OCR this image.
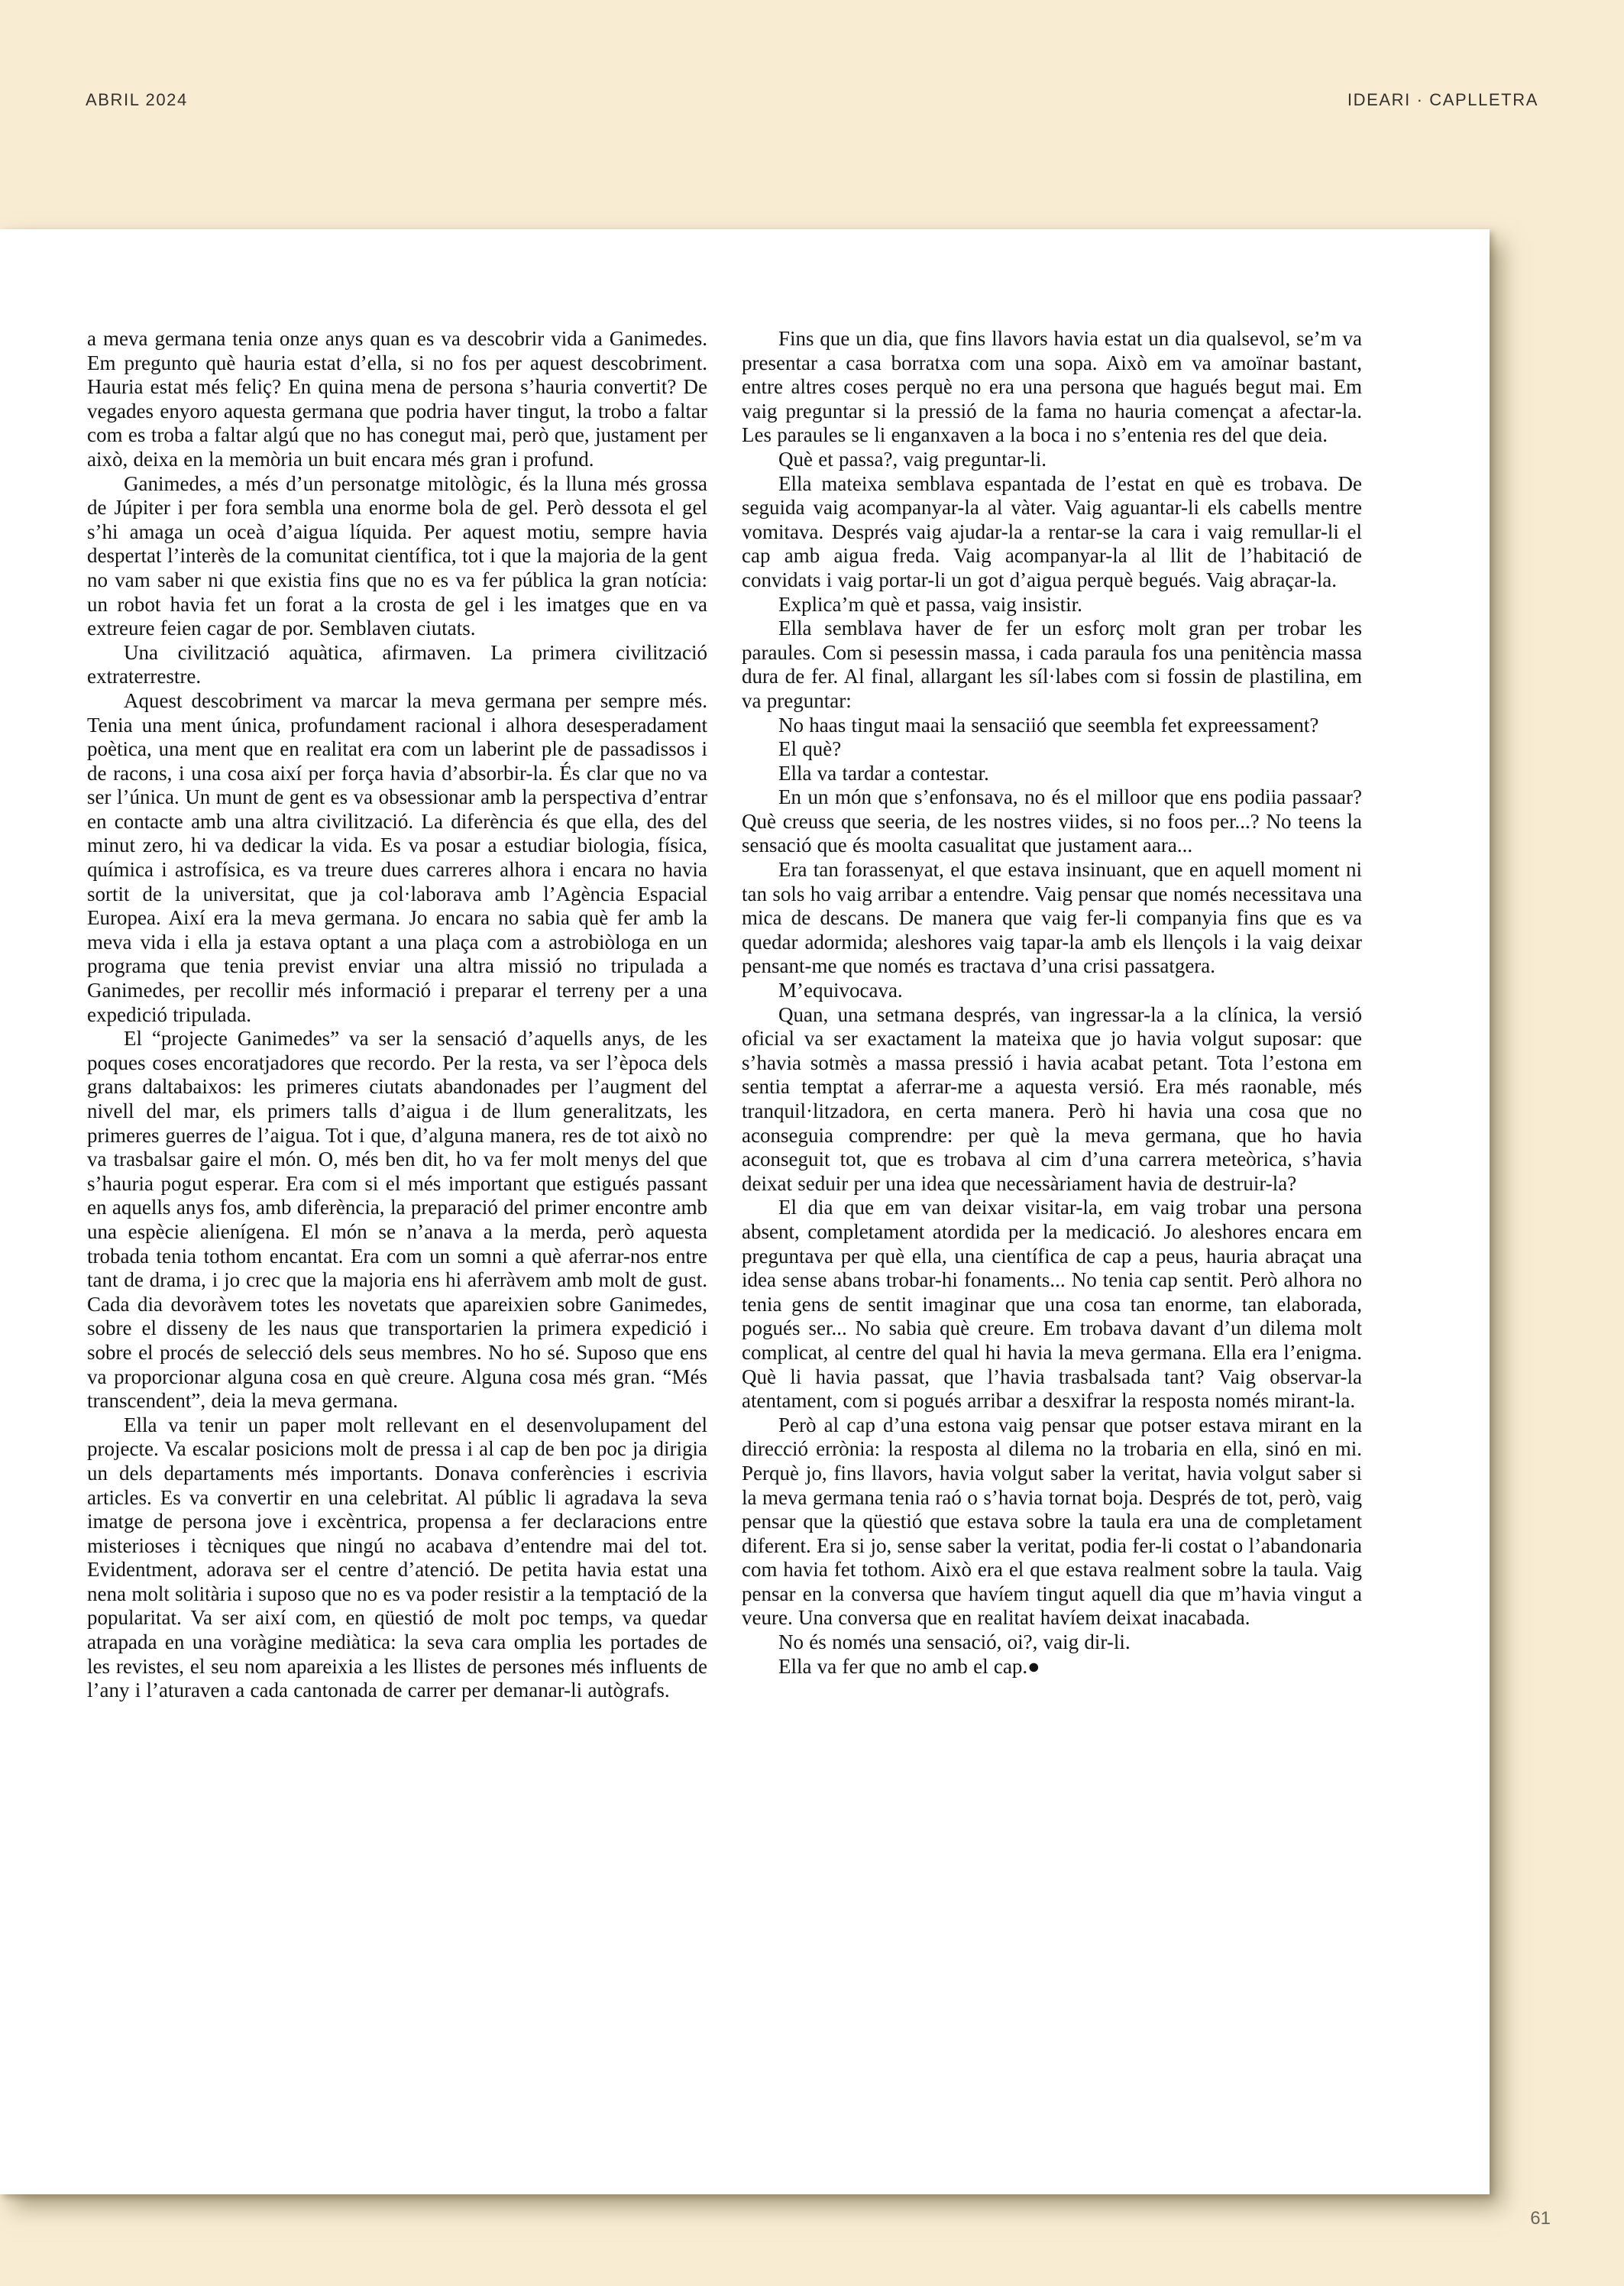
ABRIL 2024	IDEARI · CAPLLETRA

a meva germana tenia onze anys quan es va descobrir vida a Ganimedes. Em pregunto què hauria estat d’ella, si no fos per aquest descobriment. Hauria estat més feliç? En quina mena de persona s’hauria convertit? De vegades enyoro aquesta germana que podria haver tingut, la trobo a faltar com es troba a faltar algú que no has conegut mai, però que, justament per això, deixa en la memòria un buit encara més gran i profund.

Ganimedes, a més d’un personatge mitològic, és la lluna més grossa de Júpiter i per fora sembla una enorme bola de gel. Però dessota el gel s’hi amaga un oceà d’aigua líquida. Per aquest motiu, sempre havia despertat l’interès de la comunitat científica, tot i que la majoria de la gent no vam saber ni que existia fins que no es va fer pública la gran notícia: un robot havia fet un forat a la crosta de gel i les imatges que en va extreure feien cagar de por. Semblaven ciutats.

Una civilització aquàtica, afirmaven. La primera civilització extraterrestre.

Aquest descobriment va marcar la meva germana per sempre més. Tenia una ment única, profundament racional i alhora desesperadament poètica, una ment que en realitat era com un laberint ple de passadissos i de racons, i una cosa així per força havia d’absorbir-la. És clar que no va ser l’única. Un munt de gent es va obsessionar amb la perspectiva d’entrar en contacte amb una altra civilització. La diferència és que ella, des del minut zero, hi va dedicar la vida. Es va posar a estudiar biologia, física, química i astrofísica, es va treure dues carreres alhora i encara no havia sortit de la universitat, que ja col·laborava amb l’Agència Espacial Europea. Així era la meva germana. Jo encara no sabia què fer amb la meva vida i ella ja estava optant a una plaça com a astrobiòloga en un programa que tenia previst enviar una altra missió no tripulada a Ganimedes, per recollir més informació i preparar el terreny per a una expedició tripulada.

El “projecte Ganimedes” va ser la sensació d’aquells anys, de les poques coses encoratjadores que recordo. Per la resta, va ser l’època dels grans daltabaixos: les primeres ciutats abandonades per l’augment del nivell del mar, els primers talls d’aigua i de llum generalitzats, les primeres guerres de l’aigua. Tot i que, d’alguna manera, res de tot això no va trasbalsar gaire el món. O, més ben dit, ho va fer molt menys del que s’hauria pogut esperar. Era com si el més important que estigués passant en aquells anys fos, amb diferència, la preparació del primer encontre amb una espècie alienígena. El món se n’anava a la merda, però aquesta trobada tenia tothom encantat. Era com un somni a què aferrar-nos entre tant de drama, i jo crec que la majoria ens hi aferràvem amb molt de gust. Cada dia devoràvem totes les novetats que apareixien sobre Ganimedes, sobre el disseny de les naus que transportarien la primera expedició i sobre el procés de selecció dels seus membres. No ho sé. Suposo que ens va proporcionar alguna cosa en què creure. Alguna cosa més gran. “Més transcendent”, deia la meva germana.

Ella va tenir un paper molt rellevant en el desenvolupament del projecte. Va escalar posicions molt de pressa i al cap de ben poc ja dirigia un dels departaments més importants. Donava conferències i escrivia articles. Es va convertir en una celebritat. Al públic li agradava la seva imatge de persona jove i excèntrica, propensa a fer declaracions entre misterioses i tècniques que ningú no acabava d’entendre mai del tot. Evidentment, adorava ser el centre d’atenció. De petita havia estat una nena molt solitària i suposo que no es va poder resistir a la temptació de la popularitat. Va ser així com, en qüestió de molt poc temps, va quedar atrapada en una voràgine mediàtica: la seva cara omplia les portades de les revistes, el seu nom apareixia a les llistes de persones més influents de l’any i l’aturaven a cada cantonada de carrer per demanar-li autògrafs.

Fins que un dia, que fins llavors havia estat un dia qualsevol, se’m va presentar a casa borratxa com una sopa. Això em va amoïnar bastant, entre altres coses perquè no era una persona que hagués begut mai. Em vaig preguntar si la pressió de la fama no hauria començat a afectar-la. Les paraules se li enganxaven a la boca i no s’entenia res del que deia.

Què et passa?, vaig preguntar-li.

Ella mateixa semblava espantada de l’estat en què es trobava. De seguida vaig acompanyar-la al vàter. Vaig aguantar-li els cabells mentre vomitava. Després vaig ajudar-la a rentar-se la cara i vaig remullar-li el cap amb aigua freda. Vaig acompanyar-la al llit de l’habitació de convidats i vaig portar-li un got d’aigua perquè begués. Vaig abraçar-la.

Explica’m què et passa, vaig insistir.

Ella semblava haver de fer un esforç molt gran per trobar les paraules. Com si pesessin massa, i cada paraula fos una penitència massa dura de fer. Al final, allargant les síl·labes com si fossin de plastilina, em va preguntar:

No haas tingut maai la sensaciió que seembla fet expreessament?

El què?

Ella va tardar a contestar.

En un món que s’enfonsava, no és el milloor que ens podiia passaar? Què creuss que seeria, de les nostres viides, si no foos per...? No teens la sensació que és moolta casualitat que justament aara...

Era tan forassenyat, el que estava insinuant, que en aquell moment ni tan sols ho vaig arribar a entendre. Vaig pensar que només necessitava una mica de descans. De manera que vaig fer-li companyia fins que es va quedar adormida; aleshores vaig tapar-la amb els llençols i la vaig deixar pensant-me que només es tractava d’una crisi passatgera.

M’equivocava.

Quan, una setmana després, van ingressar-la a la clínica, la versió oficial va ser exactament la mateixa que jo havia volgut suposar: que s’havia sotmès a massa pressió i havia acabat petant. Tota l’estona em sentia temptat a aferrar-me a aquesta versió. Era més raonable, més tranquil·litzadora, en certa manera. Però hi havia una cosa que no aconseguia comprendre: per què la meva germana, que ho havia aconseguit tot, que es trobava al cim d’una carrera meteòrica, s’havia deixat seduir per una idea que necessàriament havia de destruir-la?

El dia que em van deixar visitar-la, em vaig trobar una persona absent, completament atordida per la medicació. Jo aleshores encara em preguntava per què ella, una científica de cap a peus, hauria abraçat una idea sense abans trobar-hi fonaments... No tenia cap sentit. Però alhora no tenia gens de sentit imaginar que una cosa tan enorme, tan elaborada, pogués ser... No sabia què creure. Em trobava davant d’un dilema molt complicat, al centre del qual hi havia la meva germana. Ella era l’enigma. Què li havia passat, que l’havia trasbalsada tant? Vaig observar-la atentament, com si pogués arribar a desxifrar la resposta només mirant-la.

Però al cap d’una estona vaig pensar que potser estava mirant en la direcció errònia: la resposta al dilema no la trobaria en ella, sinó en mi. Perquè jo, fins llavors, havia volgut saber la veritat, havia volgut saber si la meva germana tenia raó o s’havia tornat boja. Després de tot, però, vaig pensar que la qüestió que estava sobre la taula era una de completament diferent. Era si jo, sense saber la veritat, podia fer-li costat o l’abandonaria com havia fet tothom. Això era el que estava realment sobre la taula. Vaig pensar en la conversa que havíem tingut aquell dia que m’havia vingut a veure. Una conversa que en realitat havíem deixat inacabada.

No és només una sensació, oi?, vaig dir-li.

Ella va fer que no amb el cap.●

61
